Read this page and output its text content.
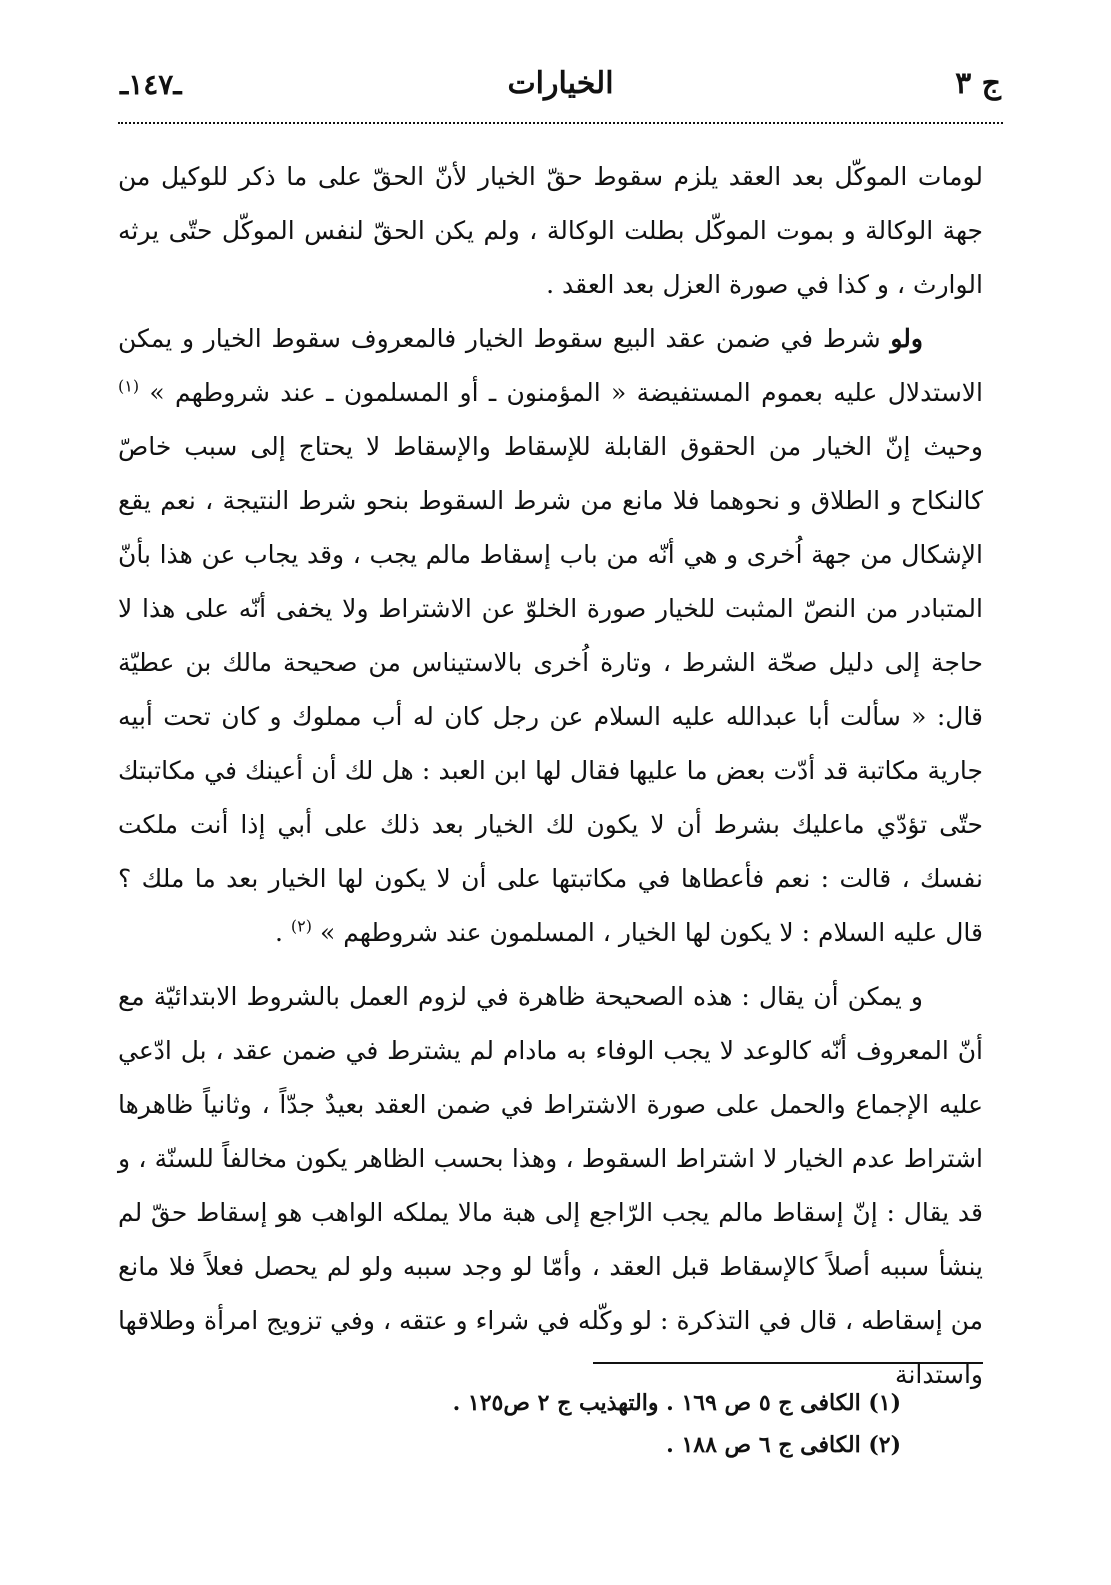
ج ٣
الخيارات
ـ١٤٧ـ

لومات الموكّل بعد العقد يلزم سقوط حقّ الخيار لأنّ الحقّ على ما ذكر للوكيل من جهة الوكالة و بموت الموكّل بطلت الوكالة ، ولم يكن الحقّ لنفس الموكّل حتّى يرثه الوارث ، و كذا في صورة العزل بعد العقد .

ولو شرط في ضمن عقد البيع سقوط الخيار فالمعروف سقوط الخيار و يمكن الاستدلال عليه بعموم المستفيضة « المؤمنون ـ أو المسلمون ـ عند شروطهم » $^{(١)}$ وحيث إنّ الخيار من الحقوق القابلة للإسقاط والإسقاط لا يحتاج إلى سبب خاصّ كالنكاح و الطلاق و نحوهما فلا مانع من شرط السقوط بنحو شرط النتيجة ، نعم يقع الإشكال من جهة اُخرى و هي أنّه من باب إسقاط مالم يجب ، وقد يجاب عن هذا بأنّ المتبادر من النصّ المثبت للخيار صورة الخلوّ عن الاشتراط ولا يخفى أنّه على هذا لا حاجة إلى دليل صحّة الشرط ، وتارة اُخرى بالاستيناس من صحيحة مالك بن عطيّة قال: « سألت أبا عبدالله عليه السلام عن رجل كان له أب مملوك و كان تحت أبيه جارية مكاتبة قد أدّت بعض ما عليها فقال لها ابن العبد : هل لك أن أعينك في مكاتبتك حتّى تؤدّي ماعليك بشرط أن لا يكون لك الخيار بعد ذلك على أبي إذا أنت ملكت نفسك ، قالت : نعم فأعطاها في مكاتبتها على أن لا يكون لها الخيار بعد ما ملك ؟ قال عليه السلام : لا يكون لها الخيار ، المسلمون عند شروطهم » $^{(٢)}$ .

و يمكن أن يقال : هذه الصحيحة ظاهرة في لزوم العمل بالشروط الابتدائيّة مع أنّ المعروف أنّه كالوعد لا يجب الوفاء به مادام لم يشترط في ضمن عقد ، بل ادّعي عليه الإجماع والحمل على صورة الاشتراط في ضمن العقد بعيدٌ جدّاً ، وثانياً ظاهرها اشتراط عدم الخيار لا اشتراط السقوط ، وهذا بحسب الظاهر يكون مخالفاً للسنّة ، و قد يقال : إنّ إسقاط مالم يجب الرّاجع إلى هبة مالا يملكه الواهب هو إسقاط حقّ لم ينشأ سببه أصلاً كالإسقاط قبل العقد ، وأمّا لو وجد سببه ولو لم يحصل فعلاً فلا مانع من إسقاطه ، قال في التذكرة : لو وكّله في شراء و عتقه ، وفي تزويج امرأة وطلاقها واستدانة

(١) الكافى ج ٥ ص ١٦٩ . والتهذيب ج ٢ ص١٢٥ .
(٢) الكافى ج ٦ ص ١٨٨ .
